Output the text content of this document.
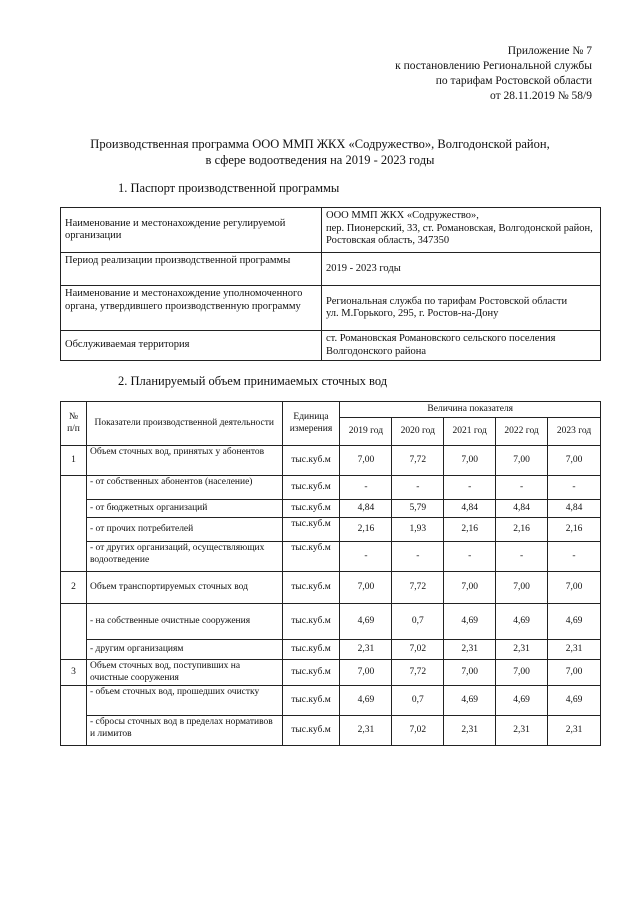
Приложение № 7
к постановлению Региональной службы
по тарифам Ростовской области
от 28.11.2019 № 58/9
Производственная программа ООО ММП ЖКХ «Содружество», Волгодонской район,
в сфере водоотведения на 2019 - 2023 годы
1. Паспорт производственной программы
Наименование и местонахождение регулируемой организации	ООО ММП ЖКХ «Содружество»,
пер. Пионерский, 33, ст. Романовская, Волгодонской район, Ростовская область, 347350

Период реализации производственной программы	2019 - 2023 годы

Наименование и местонахождение уполномоченного органа, утвердившего производственную программу	Региональная служба по тарифам Ростовской области
ул. М.Горького, 295, г. Ростов-на-Дону

Обслуживаемая территория	ст. Романовская Романовского сельского поселения Волгодонского района
2. Планируемый объем принимаемых сточных вод
№ п/п	Показатели производственной деятельности	Единица измерения	Величина показателя				
			2019 год	2020 год	2021 год	2022 год	2023 год
1	Объем сточных вод, принятых у абонентов	тыс.куб.м	7,00	7,72	7,00	7,00	7,00
	- от собственных абонентов (население)	тыс.куб.м	-	-	-	-	-
	- от бюджетных организаций	тыс.куб.м	4,84	5,79	4,84	4,84	4,84
	- от прочих потребителей	тыс.куб.м	2,16	1,93	2,16	2,16	2,16
	- от других организаций, осуществляющих водоотведение	тыс.куб.м	-	-	-	-	-
2	Объем транспортируемых сточных вод	тыс.куб.м	7,00	7,72	7,00	7,00	7,00
	- на собственные очистные сооружения	тыс.куб.м	4,69	0,7	4,69	4,69	4,69
	- другим организациям	тыс.куб.м	2,31	7,02	2,31	2,31	2,31
3	Объем сточных вод, поступивших на очистные сооружения	тыс.куб.м	7,00	7,72	7,00	7,00	7,00
	- объем сточных вод, прошедших очистку	тыс.куб.м	4,69	0,7	4,69	4,69	4,69
	- сбросы сточных вод в пределах нормативов и лимитов	тыс.куб.м	2,31	7,02	2,31	2,31	2,31
